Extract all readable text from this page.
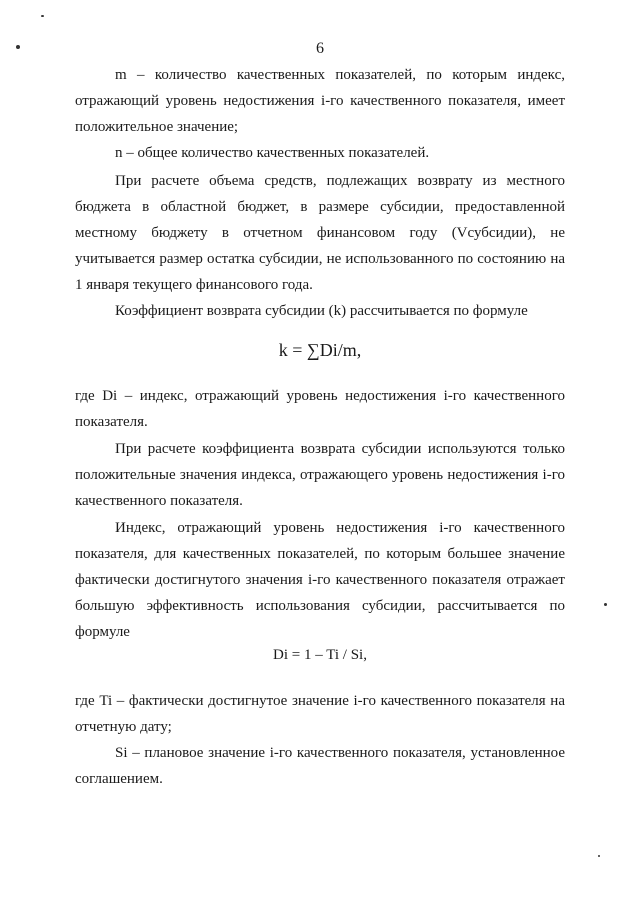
6

m – количество качественных показателей, по которым индекс, отражающий уровень недостижения i-го качественного показателя, имеет положительное значение;

n – общее количество качественных показателей.

При расчете объема средств, подлежащих возврату из местного бюджета в областной бюджет, в размере субсидии, предоставленной местному бюджету в отчетном финансовом году (Vсубсидии), не учитывается размер остатка субсидии, не использованного по состоянию на 1 января текущего финансового года.

Коэффициент возврата субсидии (k) рассчитывается по формуле

k = ∑Di/m,

где Di – индекс, отражающий уровень недостижения i-го качественного показателя.

При расчете коэффициента возврата субсидии используются только положительные значения индекса, отражающего уровень недостижения i-го качественного показателя.

Индекс, отражающий уровень недостижения i-го качественного показателя, для качественных показателей, по которым большее значение фактически достигнутого значения i-го качественного показателя отражает большую эффективность использования субсидии, рассчитывается по формуле

Di = 1 – Ti / Si,

где Ti – фактически достигнутое значение i-го качественного показателя на отчетную дату;

Si – плановое значение i-го качественного показателя, установленное соглашением.
